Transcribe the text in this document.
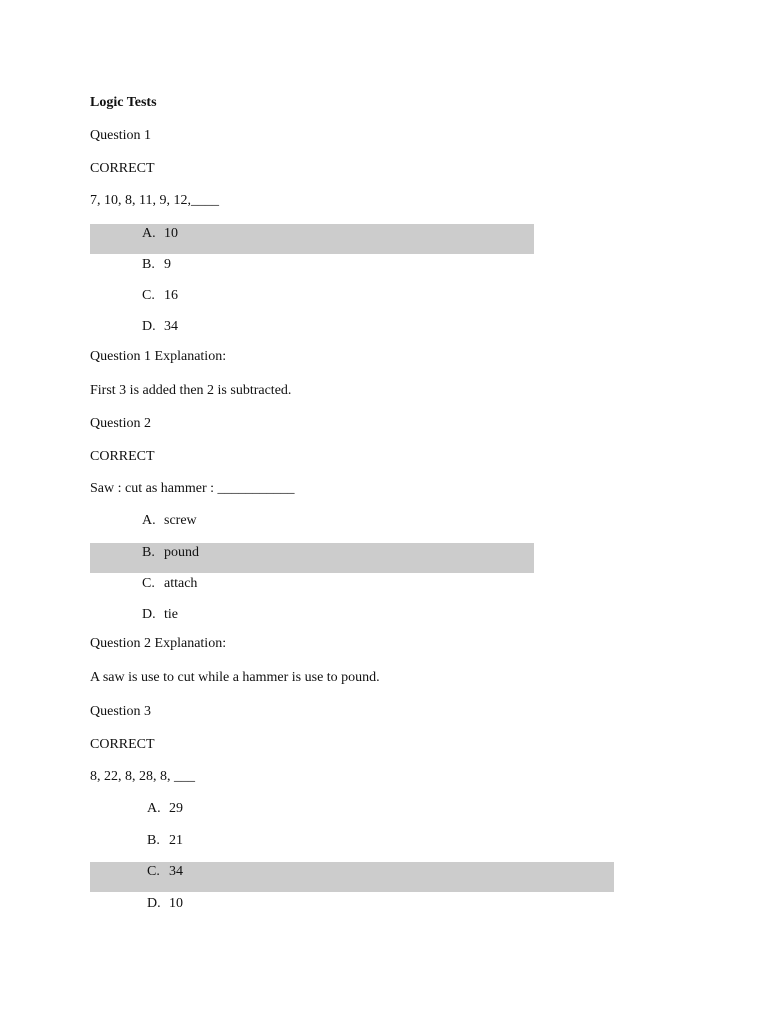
Logic Tests
Question 1
CORRECT
7, 10, 8, 11, 9, 12,____
A. 10
B. 9
C. 16
D. 34
Question 1 Explanation:
First 3 is added then 2 is subtracted.
Question 2
CORRECT
Saw : cut as hammer : ___________
A. screw
B. pound
C. attach
D. tie
Question 2 Explanation:
A saw is use to cut while a hammer is use to pound.
Question 3
CORRECT
8, 22, 8, 28, 8, ___
A. 29
B. 21
C. 34
D. 10
